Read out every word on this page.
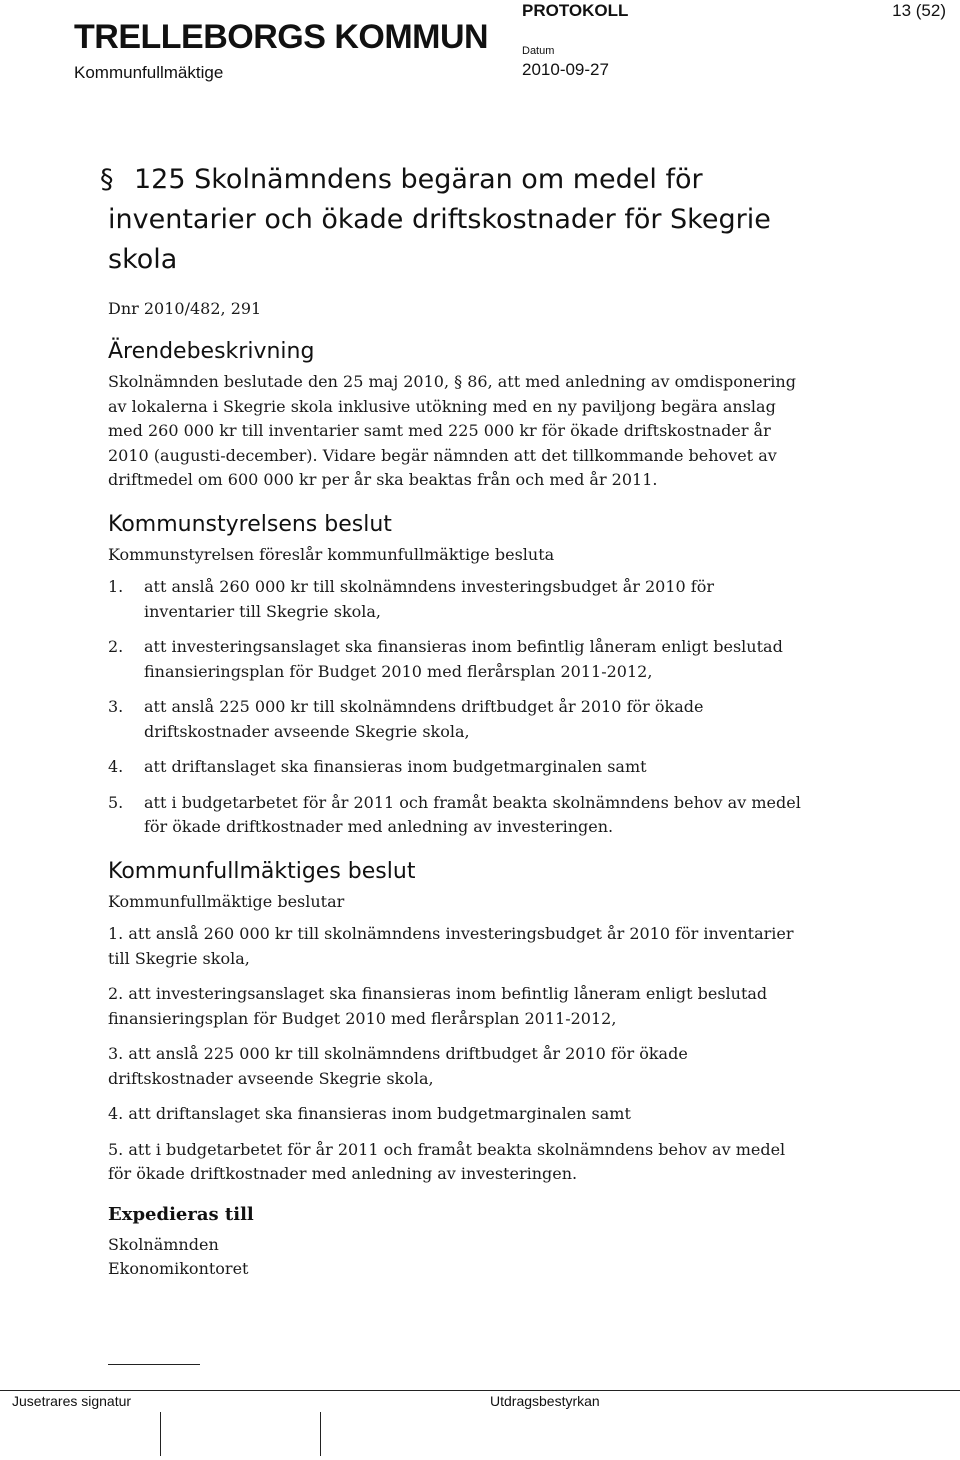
TRELLEBORGS KOMMUN
Kommunfullmäktige
PROTOKOLL	13 (52)
Datum
2010-09-27
§ 125 Skolnämndens begäran om medel för inventarier och ökade driftskostnader för Skegrie skola
Dnr 2010/482, 291
Ärendebeskrivning

Skolnämnden beslutade den 25 maj 2010, § 86, att med anledning av omdisponering av lokalerna i Skegrie skola inklusive utökning med en ny paviljong begära anslag med 260 000 kr till inventarier samt med 225 000 kr för ökade driftskostnader år 2010 (augusti-december). Vidare begär nämnden att det tillkommande behovet av driftmedel om 600 000 kr per år ska beaktas från och med år 2011.

Kommunstyrelsens beslut

Kommunstyrelsen föreslår kommunfullmäktige besluta

1. att anslå 260 000 kr till skolnämndens investeringsbudget år 2010 för inventarier till Skegrie skola,
2. att investeringsanslaget ska finansieras inom befintlig låneram enligt beslutad finansieringsplan för Budget 2010 med flerårsplan 2011-2012,
3. att anslå 225 000 kr till skolnämndens driftbudget år 2010 för ökade driftskostnader avseende Skegrie skola,
4. att driftanslaget ska finansieras inom budgetmarginalen samt
5. att i budgetarbetet för år 2011 och framåt beakta skolnämndens behov av medel för ökade driftkostnader med anledning av investeringen.
Kommunfullmäktiges beslut

Kommunfullmäktige beslutar

1. att anslå 260 000 kr till skolnämndens investeringsbudget år 2010 för inventarier till Skegrie skola,
2. att investeringsanslaget ska finansieras inom befintlig låneram enligt beslutad finansieringsplan för Budget 2010 med flerårsplan 2011-2012,
3. att anslå 225 000 kr till skolnämndens driftbudget år 2010 för ökade driftskostnader avseende Skegrie skola,
4. att driftanslaget ska finansieras inom budgetmarginalen samt
5. att i budgetarbetet för år 2011 och framåt beakta skolnämndens behov av medel för ökade driftkostnader med anledning av investeringen.
Expedieras till

Skolnämnden

Ekonomikontoret

Jusetrares signatur	Utdragsbestyrkan
